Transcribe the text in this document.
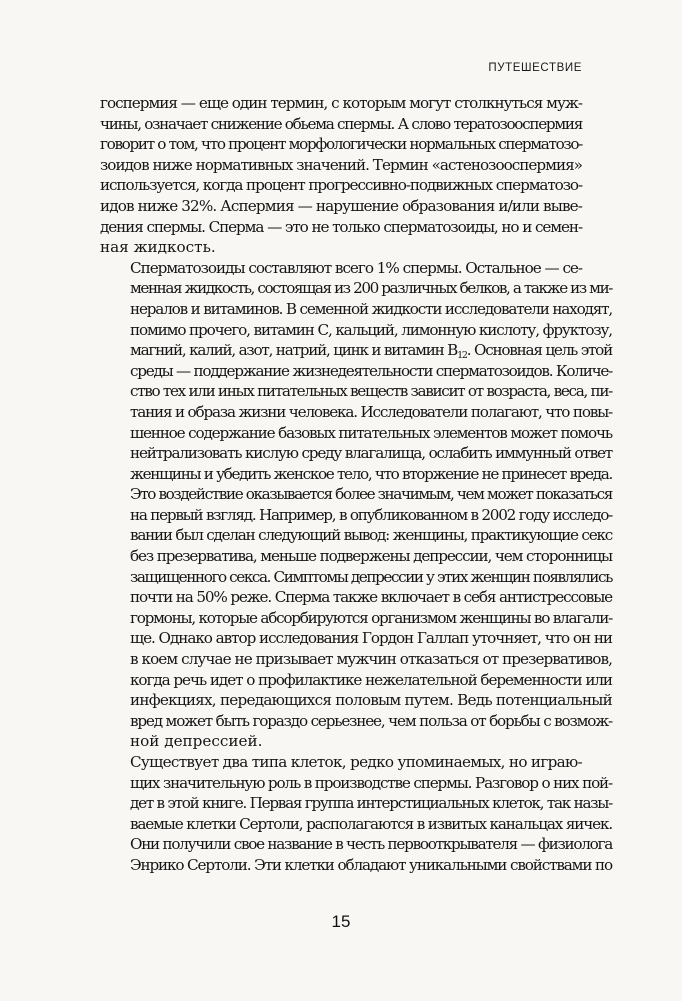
ПУТЕШЕСТВИЕ

госпермия — еще один термин, с которым могут столкнуться муж-
чины, означает снижение обьема спермы. А слово тератозооспермия
говорит о том, что процент морфологически нормальных сперматозо-
зоидов ниже нормативных значений. Термин «астенозооспермия»
используется, когда процент прогрессивно-подвижных сперматозо-
идов ниже 32%. Аспермия — нарушение образования и/или выве-
дения спермы. Сперма — это не только сперматозоиды, но и семен-
ная жидкость.

Сперматозоиды составляют всего 1% спермы. Остальное — се-
менная жидкость, состоящая из 200 различных белков, а также из ми-
нералов и витаминов. В семенной жидкости исследователи находят,
помимо прочего, витамин С, кальций, лимонную кислоту, фруктозу,
магний, калий, азот, натрий, цинк и витамин $В_{12}$. Основная цель этой
среды — поддержание жизнедеятельности сперматозоидов. Количе-
ство тех или иных питательных веществ зависит от возраста, веса, пи-
тания и образа жизни человека. Исследователи полагают, что повы-
шенное содержание базовых питательных элементов может помочь
нейтрализовать кислую среду влагалища, ослабить иммунный ответ
женщины и убедить женское тело, что вторжение не принесет вреда.
Это воздействие оказывается более значимым, чем может показаться
на первый взгляд. Например, в опубликованном в 2002 году исследо-
вании был сделан следующий вывод: женщины, практикующие секс
без презерватива, меньше подвержены депрессии, чем сторонницы
защищенного секса. Симптомы депрессии у этих женщин появлялись
почти на 50% реже. Сперма также включает в себя антистрессовые
гормоны, которые абсорбируются организмом женщины во влагали-
ще. Однако автор исследования Гордон Галлап уточняет, что он ни
в коем случае не призывает мужчин отказаться от презервативов,
когда речь идет о профилактике нежелательной беременности или
инфекциях, передающихся половым путем. Ведь потенциальный
вред может быть гораздо серьезнее, чем польза от борьбы с возмож-
ной депрессией.

Существует два типа клеток, редко упоминаемых, но играю-
щих значительную роль в производстве спермы. Разговор о них пой-
дет в этой книге. Первая группа интерстициальных клеток, так назы-
ваемые клетки Сертоли, располагаются в извитых канальцах яичек.
Они получили свое название в честь первооткрывателя — физиолога
Энрико Сертоли. Эти клетки обладают уникальными свойствами по

15
